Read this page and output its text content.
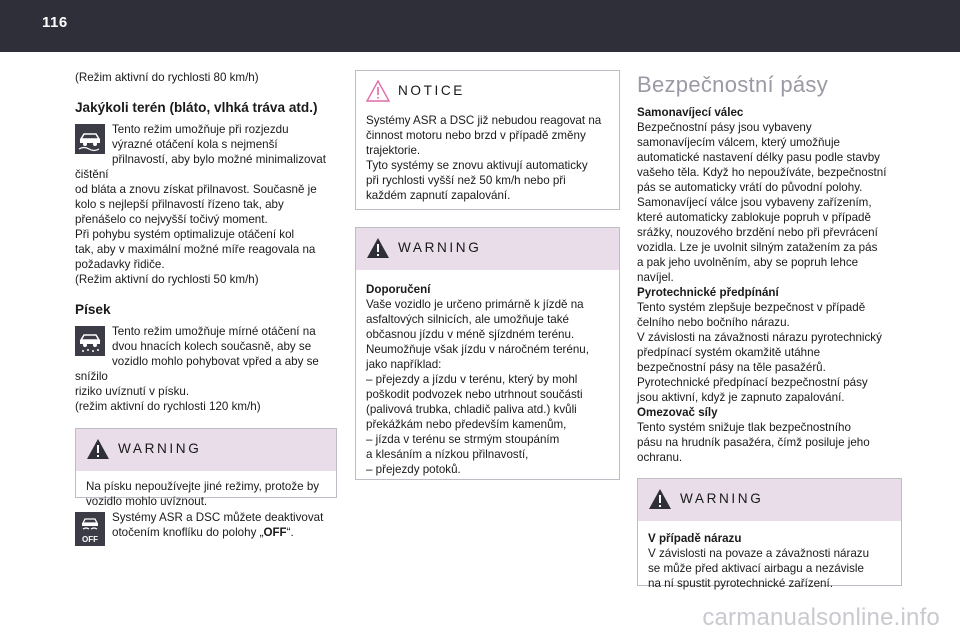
116

(Režim aktivní do rychlosti 80 km/h)

Jakýkoli terén (bláto, vlhká tráva atd.)

Tento režim umožňuje při rozjezdu

výrazné otáčení kola s nejmenší

přilnavostí, aby bylo možné minimalizovat čištění

od bláta a znovu získat přilnavost. Současně je

kolo s nejlepší přilnavostí řízeno tak, aby

přenášelo co nejvyšší točivý moment.

Při pohybu systém optimalizuje otáčení kol

tak, aby v maximální možné míře reagovala na

požadavky řidiče.

(Režim aktivní do rychlosti 50 km/h)

Písek

Tento režim umožňuje mírné otáčení na

dvou hnacích kolech současně, aby se

vozidlo mohlo pohybovat vpřed a aby se snížilo

riziko uvíznutí v písku.

(režim aktivní do rychlosti 120 km/h)

WARNING

Na písku nepoužívejte jiné režimy, protože by

vozidlo mohlo uvíznout.

OFF

Systémy ASR a DSC můžete deaktivovat

otočením knoflíku do polohy „OFF“.

NOTICE

Systémy ASR a DSC již nebudou reagovat na

činnost motoru nebo brzd v případě změny

trajektorie.

Tyto systémy se znovu aktivují automaticky

při rychlosti vyšší než 50 km/h nebo při

každém zapnutí zapalování.

WARNING

Doporučení

Vaše vozidlo je určeno primárně k jízdě na

asfaltových silnicích, ale umožňuje také

občasnou jízdu v méně sjízdném terénu.

Neumožňuje však jízdu v náročném terénu,

jako například:

– přejezdy a jízdu v terénu, který by mohl

poškodit podvozek nebo utrhnout součásti

(palivová trubka, chladič paliva atd.) kvůli

překážkám nebo především kamenům,

– jízda v terénu se strmým stoupáním

a klesáním a nízkou přilnavostí,

– přejezdy potoků.

Bezpečnostní pásy

Samonavíjecí válec

Bezpečnostní pásy jsou vybaveny

samonavíjecím válcem, který umožňuje

automatické nastavení délky pasu podle stavby

vašeho těla. Když ho nepoužíváte, bezpečnostní

pás se automaticky vrátí do původní polohy.

Samonavíjecí válce jsou vybaveny zařízením,

které automaticky zablokuje popruh v případě

srážky, nouzového brzdění nebo při převrácení

vozidla. Lze je uvolnit silným zatažením za pás

a pak jeho uvolněním, aby se popruh lehce

navíjel.

Pyrotechnické předpínání

Tento systém zlepšuje bezpečnost v případě

čelního nebo bočního nárazu.

V závislosti na závažnosti nárazu pyrotechnický

předpínací systém okamžitě utáhne

bezpečnostní pásy na těle pasažérů.

Pyrotechnické předpínací bezpečnostní pásy

jsou aktivní, když je zapnuto zapalování.

Omezovač síly

Tento systém snižuje tlak bezpečnostního

pásu na hrudník pasažéra, čímž posiluje jeho

ochranu.

WARNING

V případě nárazu

V závislosti na povaze a závažnosti nárazu

se může před aktivací airbagu a nezávisle

na ní spustit pyrotechnické zařízení.

carmanualsonline.info
